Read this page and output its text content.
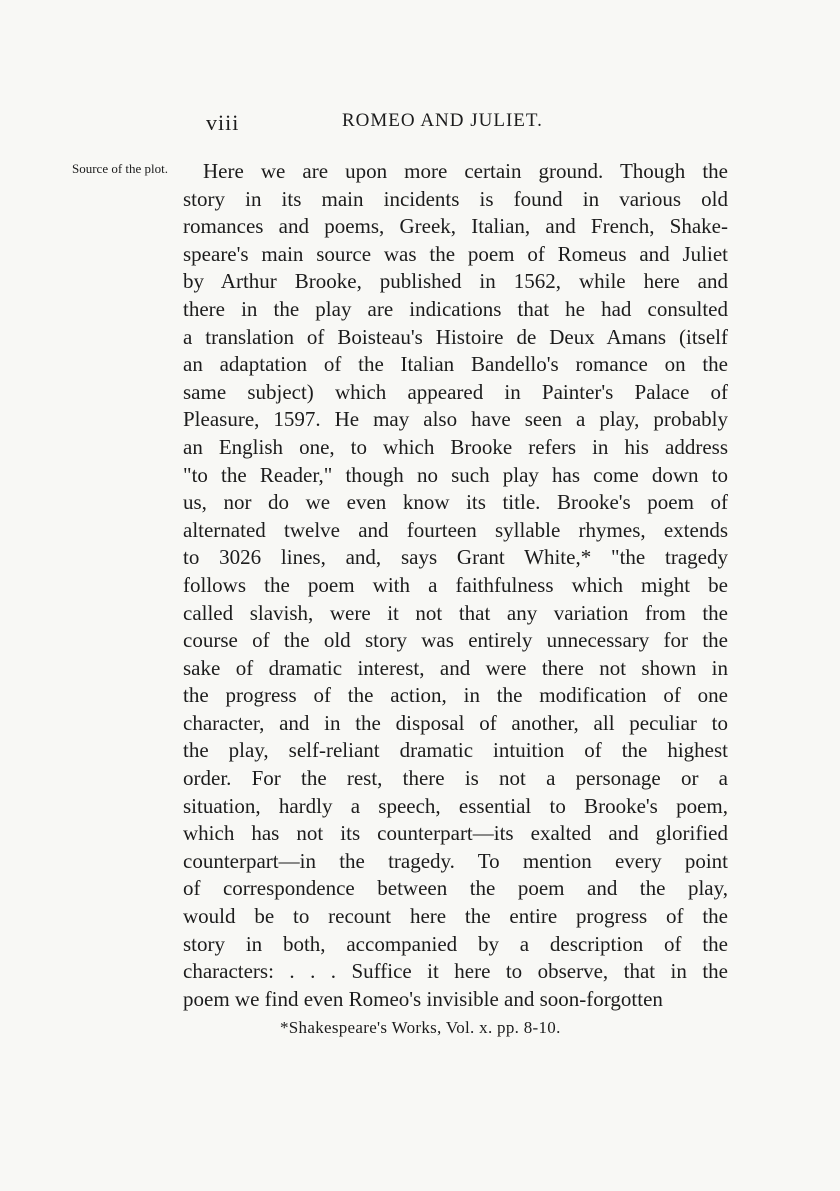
viii	ROMEO AND JULIET.
Source of the plot.	Here we are upon more certain ground. Though the
story in its main incidents is found in various old
romances and poems, Greek, Italian, and French, Shake-
speare's main source was the poem of Romeus and Juliet
by Arthur Brooke, published in 1562, while here and
there in the play are indications that he had consulted
a translation of Boisteau's Histoire de Deux Amans (itself
an adaptation of the Italian Bandello's romance on the
same subject) which appeared in Painter's Palace of
Pleasure, 1597. He may also have seen a play, probably
an English one, to which Brooke refers in his address
"to the Reader," though no such play has come down to
us, nor do we even know its title. Brooke's poem of
alternated twelve and fourteen syllable rhymes, extends
to 3026 lines, and, says Grant White,* "the tragedy
follows the poem with a faithfulness which might be
called slavish, were it not that any variation from the
course of the old story was entirely unnecessary for the
sake of dramatic interest, and were there not shown in
the progress of the action, in the modification of one
character, and in the disposal of another, all peculiar to
the play, self-reliant dramatic intuition of the highest
order. For the rest, there is not a personage or a
situation, hardly a speech, essential to Brooke's poem,
which has not its counterpart—its exalted and glorified
counterpart—in the tragedy. To mention every point
of correspondence between the poem and the play,
would be to recount here the entire progress of the
story in both, accompanied by a description of the
characters: . . . Suffice it here to observe, that in the
poem we find even Romeo's invisible and soon-forgotten
*Shakespeare's Works, Vol. x. pp. 8-10.
